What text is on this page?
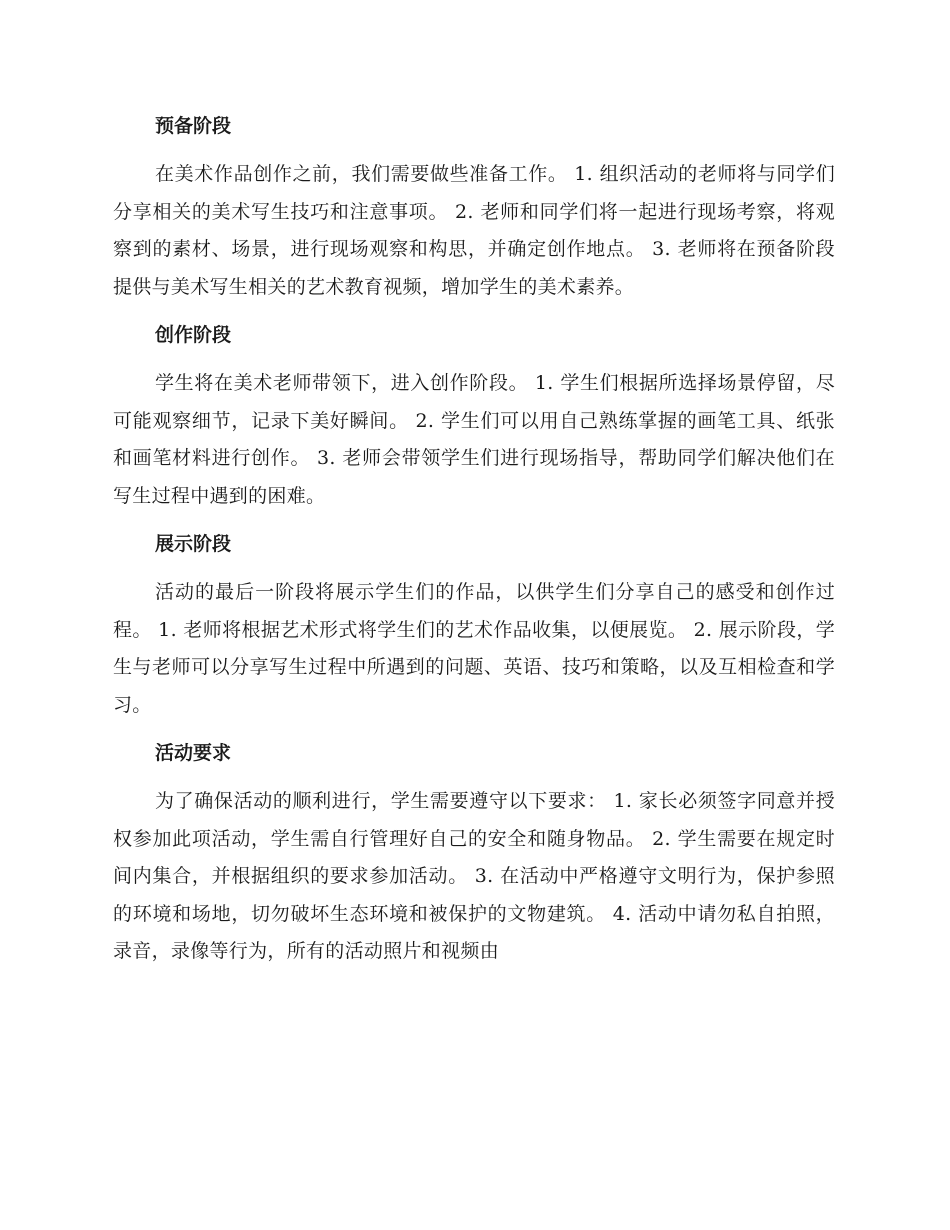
预备阶段

在美术作品创作之前，我们需要做些准备工作。 1. 组织活动的老师将与同学们分享相关的美术写生技巧和注意事项。 2. 老师和同学们将一起进行现场考察，将观察到的素材、场景，进行现场观察和构思，并确定创作地点。 3. 老师将在预备阶段提供与美术写生相关的艺术教育视频，增加学生的美术素养。

创作阶段

学生将在美术老师带领下，进入创作阶段。 1. 学生们根据所选择场景停留，尽可能观察细节，记录下美好瞬间。 2. 学生们可以用自己熟练掌握的画笔工具、纸张和画笔材料进行创作。 3. 老师会带领学生们进行现场指导，帮助同学们解决他们在写生过程中遇到的困难。

展示阶段

活动的最后一阶段将展示学生们的作品，以供学生们分享自己的感受和创作过程。 1. 老师将根据艺术形式将学生们的艺术作品收集，以便展览。 2. 展示阶段，学生与老师可以分享写生过程中所遇到的问题、英语、技巧和策略，以及互相检查和学习。

活动要求

为了确保活动的顺利进行，学生需要遵守以下要求： 1. 家长必须签字同意并授权参加此项活动，学生需自行管理好自己的安全和随身物品。 2. 学生需要在规定时间内集合，并根据组织的要求参加活动。 3. 在活动中严格遵守文明行为，保护参照的环境和场地，切勿破坏生态环境和被保护的文物建筑。 4. 活动中请勿私自拍照，录音，录像等行为，所有的活动照片和视频由
